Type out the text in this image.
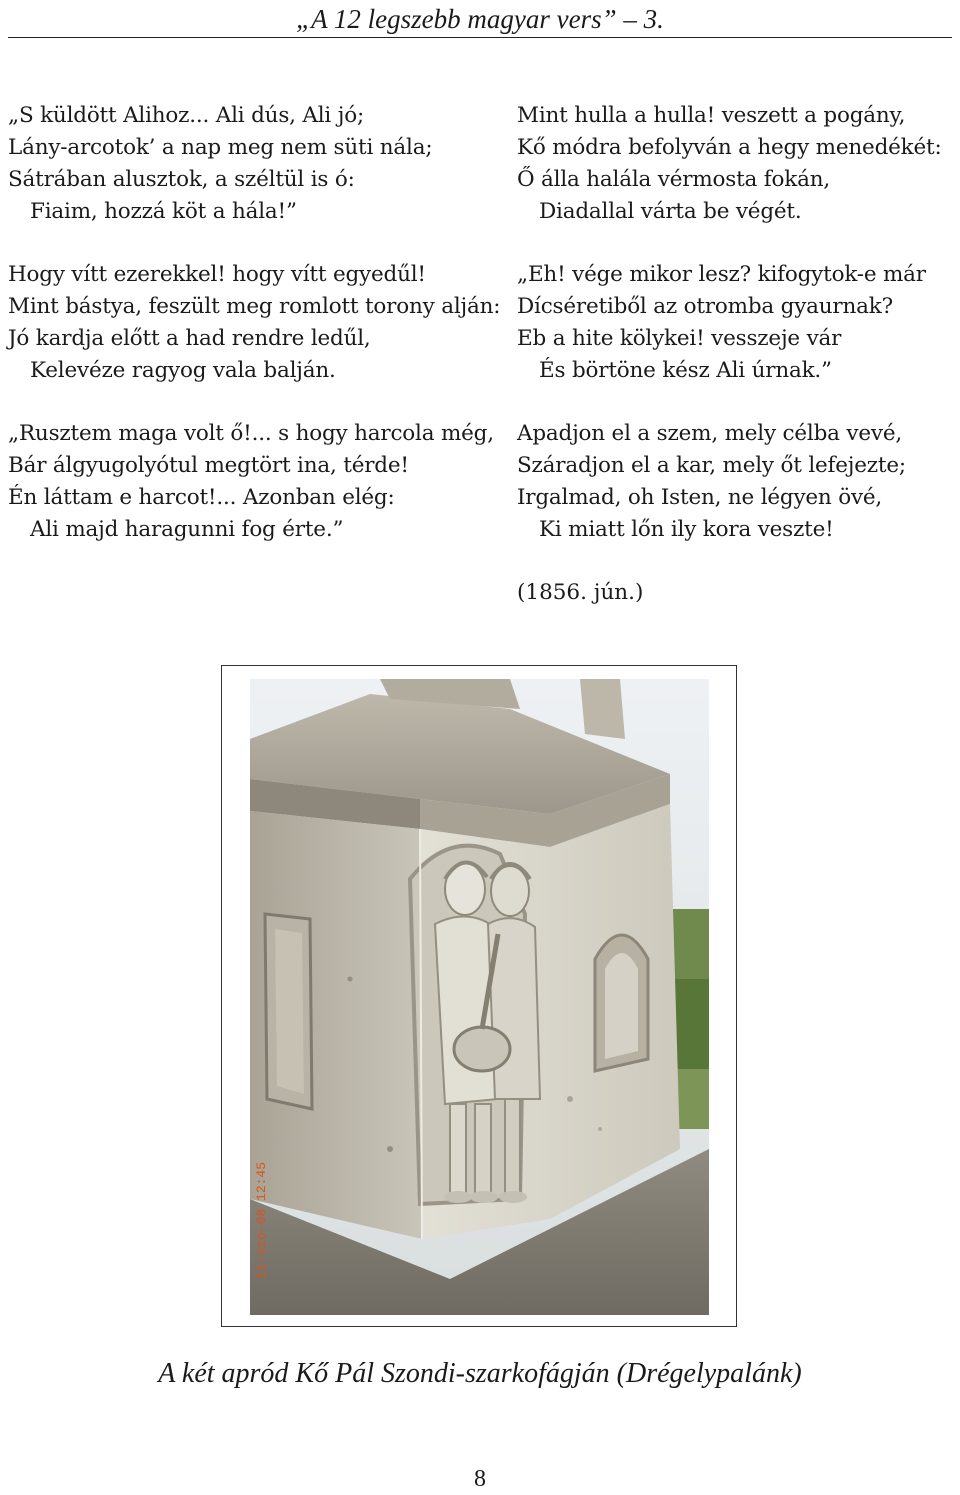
„A 12 legszebb magyar vers” – 3.
„S küldött Alihoz... Ali dús, Ali jó;
Lány-arcotok’ a nap meg nem süti nála;
Sátrában alusztok, a széltül is ó:
Fiaim, hozzá köt a hála!”
Hogy vítt ezerekkel! hogy vítt egyedűl!
Mint bástya, feszült meg romlott torony alján:
Jó kardja előtt a had rendre ledűl,
Kelevéze ragyog vala balján.
„Rusztem maga volt ő!... s hogy harcola még,
Bár álgyugolyótul megtört ina, térde!
Én láttam e harcot!... Azonban elég:
Ali majd haragunni fog érte.”
Mint hulla a hulla! veszett a pogány,
Kő módra befolyván a hegy menedékét:
Ő álla halála vérmosta fokán,
Diadallal várta be végét.
„Eh! vége mikor lesz? kifogytok-e már
Dícséretiből az otromba gyaurnak?
Eb a hite kölykei! vesszeje vár
És börtöne kész Ali úrnak.”
Apadjon el a szem, mely célba vevé,
Száradjon el a kar, mely őt lefejezte;
Irgalmad, oh Isten, ne légyen övé,
Ki miatt lőn ily kora veszte!
(1856. jún.)
11-szo-08 12:45
A két apród Kő Pál Szondi-szarkofágján (Drégelypalánk)
8
